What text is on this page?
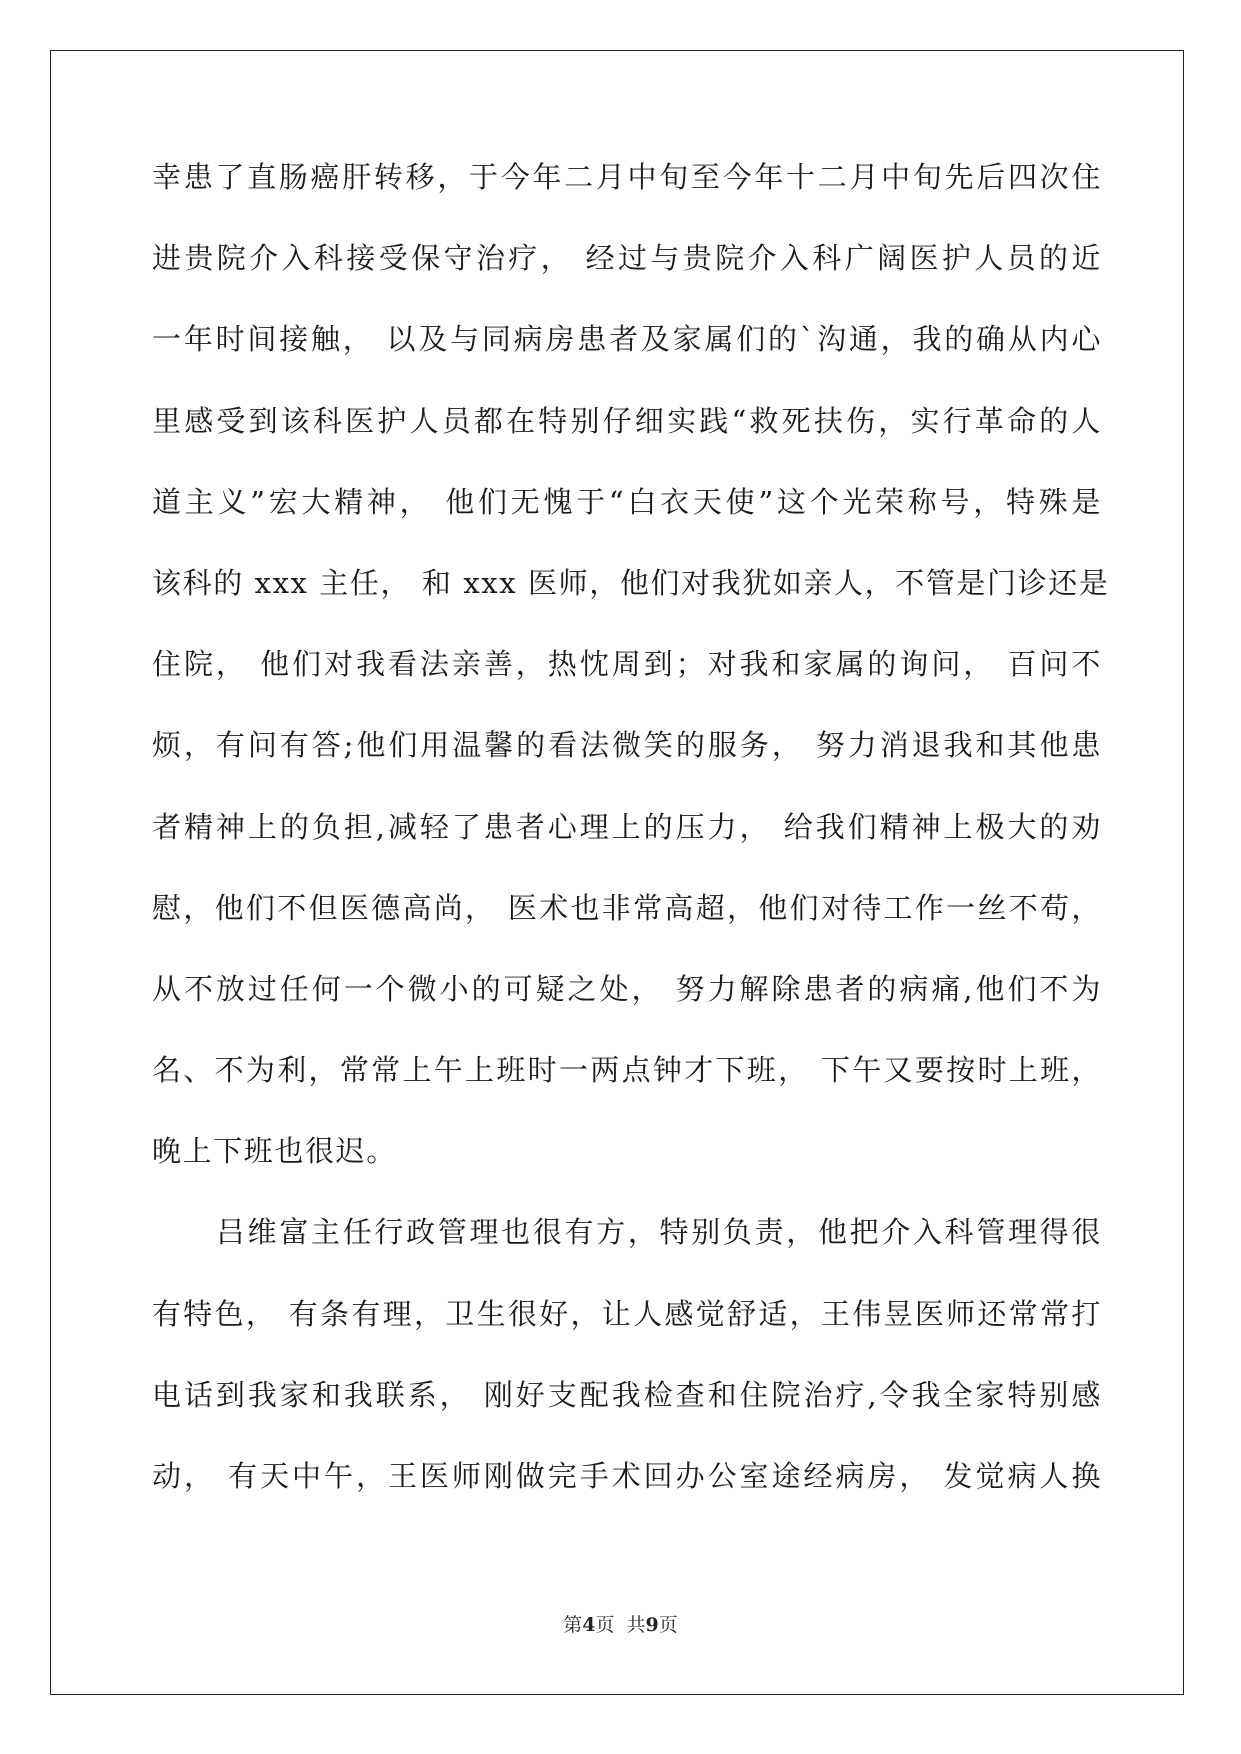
幸患了直肠癌肝转移，于今年二月中旬至今年十二月中旬先后四次住
进贵院介入科接受保守治疗， 经过与贵院介入科广阔医护人员的近
一年时间接触， 以及与同病房患者及家属们的`沟通，我的确从内心
里感受到该科医护人员都在特别仔细实践“救死扶伤，实行革命的人
道主义”宏大精神， 他们无愧于“白衣天使”这个光荣称号，特殊是
该科的 xxx 主任， 和 xxx 医师，他们对我犹如亲人，不管是门诊还是
住院， 他们对我看法亲善，热忱周到；对我和家属的询问， 百问不
烦，有问有答;他们用温馨的看法微笑的服务， 努力消退我和其他患
者精神上的负担,减轻了患者心理上的压力， 给我们精神上极大的劝
慰，他们不但医德高尚， 医术也非常高超，他们对待工作一丝不苟，
从不放过任何一个微小的可疑之处， 努力解除患者的病痛,他们不为
名、不为利，常常上午上班时一两点钟才下班， 下午又要按时上班，
晚上下班也很迟。
吕维富主任行政管理也很有方，特别负责，他把介入科管理得很
有特色， 有条有理，卫生很好，让人感觉舒适，王伟昱医师还常常打
电话到我家和我联系， 刚好支配我检查和住院治疗,令我全家特别感
动， 有天中午，王医师刚做完手术回办公室途经病房， 发觉病人换
第4页  共9页
